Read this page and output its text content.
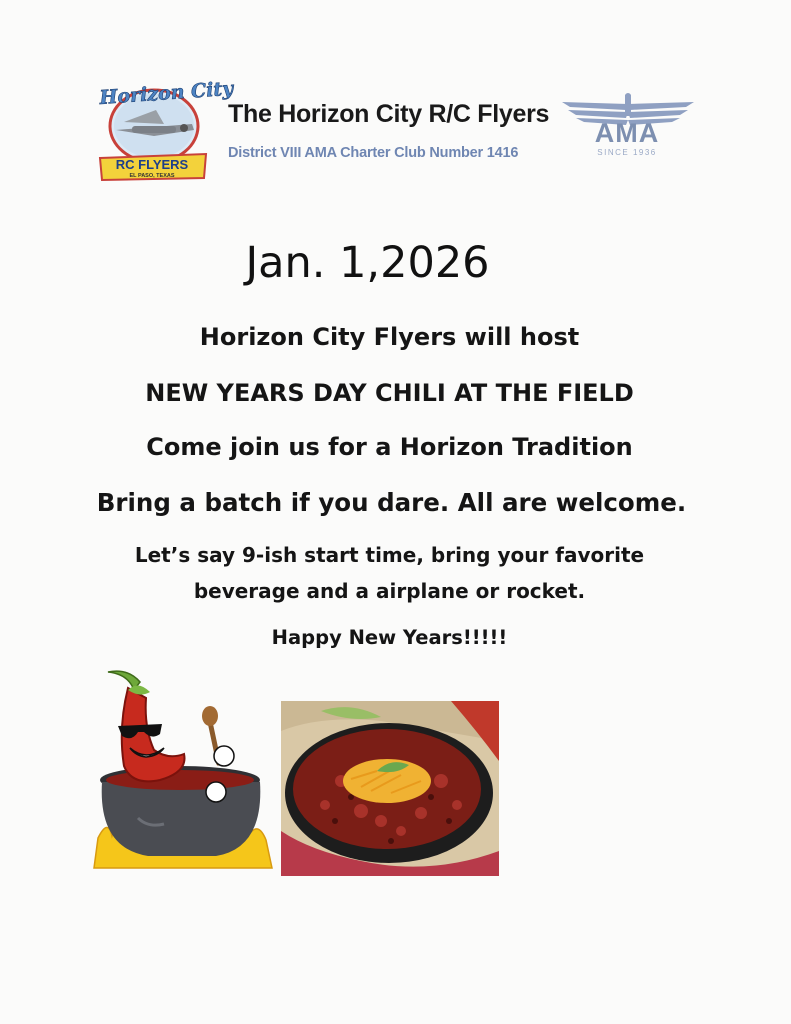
Horizon City
RC FLYERS
EL PASO, TEXAS
The Horizon City R/C Flyers
District VIII AMA Charter Club Number 1416
AMA
SINCE 1936
Jan. 1,2026
Horizon City Flyers will host
NEW YEARS DAY CHILI AT THE FIELD
Come join us for a Horizon Tradition
Bring a batch if you dare. All are welcome.
Let’s say 9-ish start time, bring your favorite
beverage and a airplane or rocket.
Happy New Years!!!!!
